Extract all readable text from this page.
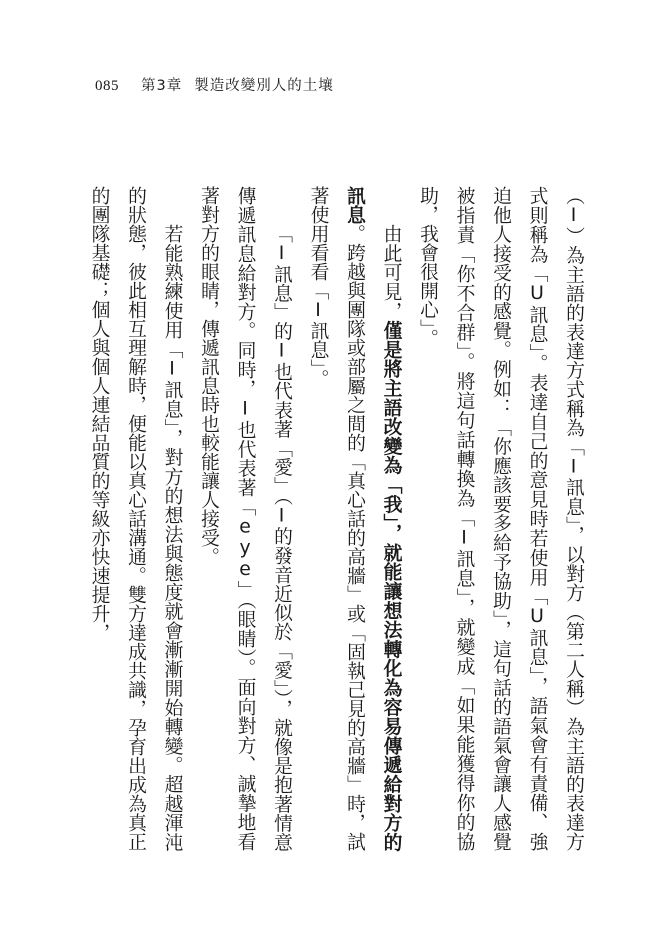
085 第3章 製造改變別人的土壤

（I）為主語的表達方式稱為「I訊息」，以對方（第二人稱）為主語的表達方式則稱為「U訊息」。表達自己的意見時若使用「U訊息」，語氣會有責備、強迫他人接受的感覺。例如：「你應該要多給予協助」，這句話的語氣會讓人感覺被指責「你不合群」。將這句話轉換為「I訊息」，就變成「如果能獲得你的協助，我會很開心」。

由此可見，僅是將主語改變為「我」，就能讓想法轉化為容易傳遞給對方的訊息。跨越與團隊或部屬之間的「真心話的高牆」或「固執己見的高牆」時，試著使用看看「I訊息」。

「I訊息」的I也代表著「愛」（I的發音近似於「愛」），就像是抱著情意傳遞訊息給對方。同時，I也代表著「eye」（眼睛）。面向對方、誠摯地看著對方的眼睛，傳遞訊息時也較能讓人接受。

若能熟練使用「I訊息」，對方的想法與態度就會漸漸開始轉變。超越渾沌的狀態，彼此相互理解時，便能以真心話溝通。雙方達成共識，孕育出成為真正的團隊基礎；個人與個人連結品質的等級亦快速提升，
